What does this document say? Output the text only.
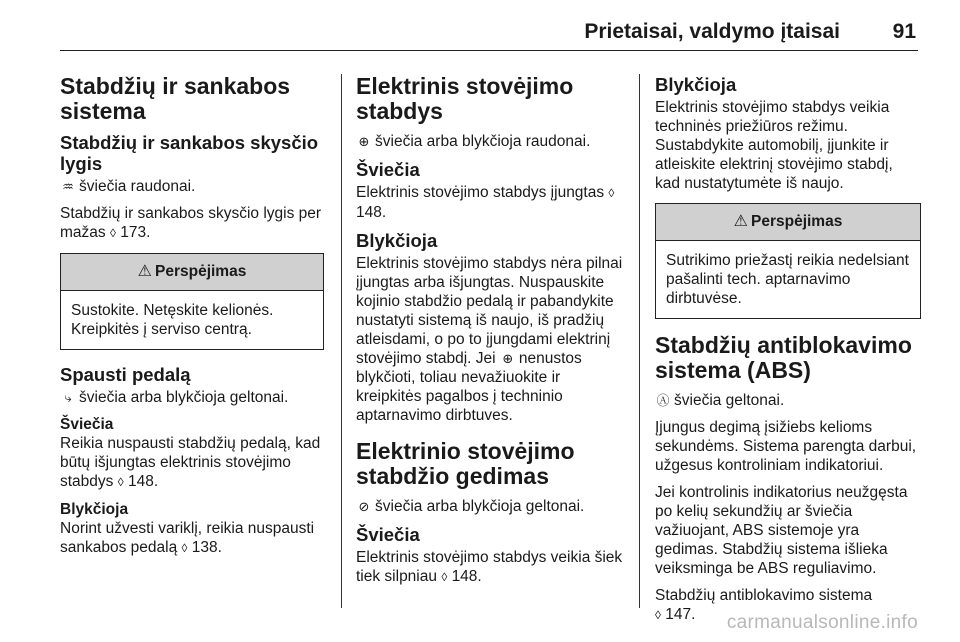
Prietaisai, valdymo įtaisai	91
Stabdžių ir sankabos sistema
Stabdžių ir sankabos skysčio lygis
♒ šviečia raudonai.
Stabdžių ir sankabos skysčio lygis per mažas ◊ 173.
⚠ Perspėjimas
Sustokite. Netęskite kelionės. Kreipkitės į serviso centrą.
Spausti pedalą
⤷ šviečia arba blykčioja geltonai.
Šviečia
Reikia nuspausti stabdžių pedalą, kad būtų išjungtas elektrinis stovėjimo stabdys ◊ 148.
Blykčioja
Norint užvesti variklį, reikia nuspausti sankabos pedalą ◊ 138.
Elektrinis stovėjimo stabdys
⊕ šviečia arba blykčioja raudonai.
Šviečia
Elektrinis stovėjimo stabdys įjungtas ◊ 148.
Blykčioja
Elektrinis stovėjimo stabdys nėra pilnai įjungtas arba išjungtas. Nuspauskite kojinio stabdžio pedalą ir pabandykite nustatyti sistemą iš naujo, iš pradžių atleisdami, o po to įjungdami elektrinį stovėjimo stabdį. Jei ⊕ nenustos blykčioti, toliau nevažiuokite ir kreipkitės pagalbos į techninio aptarnavimo dirbtuves.
Elektrinio stovėjimo stabdžio gedimas
⊘ šviečia arba blykčioja geltonai.
Šviečia
Elektrinis stovėjimo stabdys veikia šiek tiek silpniau ◊ 148.
Blykčioja
Elektrinis stovėjimo stabdys veikia techninės priežiūros režimu. Sustabdykite automobilį, įjunkite ir atleiskite elektrinį stovėjimo stabdį, kad nustatytumėte iš naujo.
⚠ Perspėjimas
Sutrikimo priežastį reikia nedelsiant pašalinti tech. aptarnavimo dirbtuvėse.
Stabdžių antiblokavimo sistema (ABS)
Ⓐ šviečia geltonai.
Įjungus degimą įsižiebs kelioms sekundėms. Sistema parengta darbui, užgesus kontroliniam indikatoriui.
Jei kontrolinis indikatorius neužgęsta po kelių sekundžių ar šviečia važiuojant, ABS sistemoje yra gedimas. Stabdžių sistema išlieka veiksminga be ABS reguliavimo.
Stabdžių antiblokavimo sistema
◊ 147.	carmanualsonline.info
